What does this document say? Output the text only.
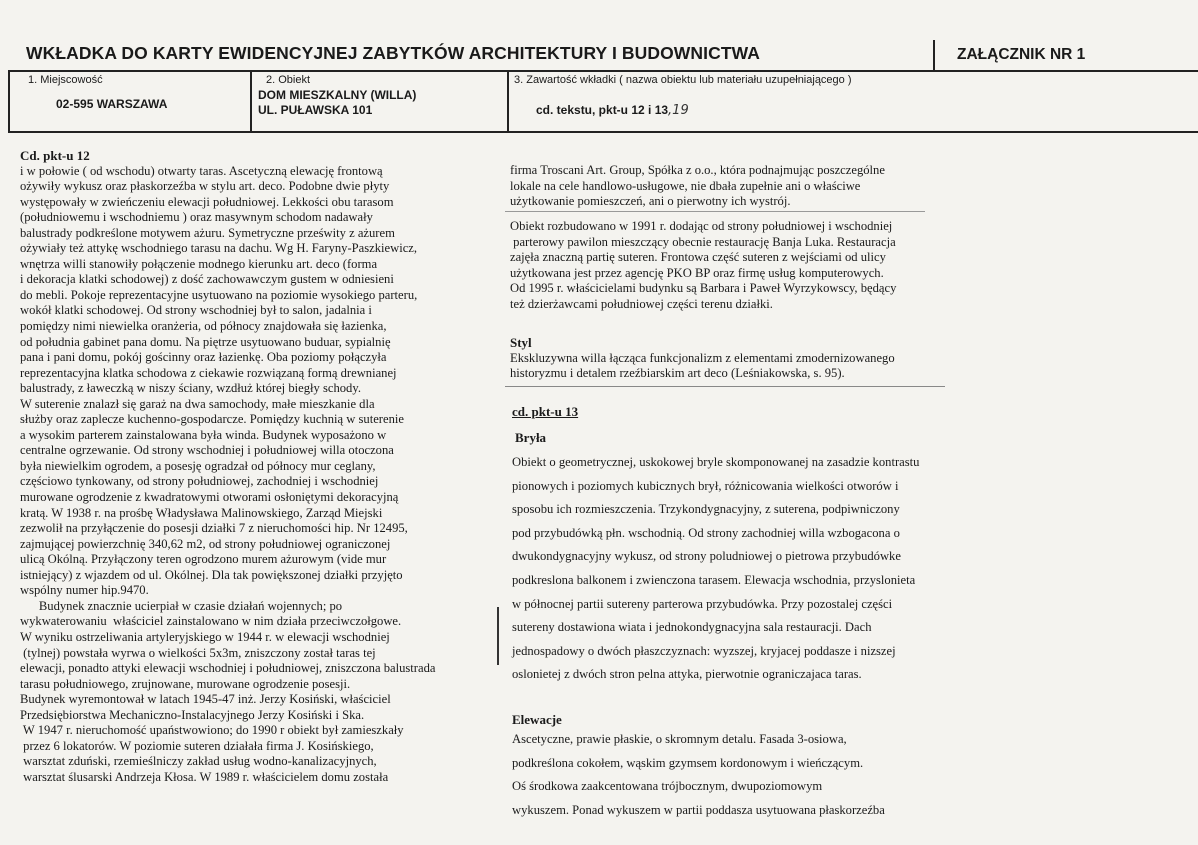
WKŁADKA DO KARTY EWIDENCYJNEJ ZABYTKÓW ARCHITEKTURY I BUDOWNICTWA	ZAŁĄCZNIK NR 1
1. Miejscowość
02-595 WARSZAWA
2. Obiekt
DOM MIESZKALNY (WILLA)
UL. PUŁAWSKA 101
3. Zawartość wkładki ( nazwa obiektu lub materiału uzupełniającego )
cd. tekstu, pkt-u 12 i 13,19
Cd. pkt-u 12
i w połowie ( od wschodu) otwarty taras. Ascetyczną elewację frontową
ożywiły wykusz oraz płaskorzeźba w stylu art. deco. Podobne dwie płyty
występowały w zwieńczeniu elewacji południowej. Lekkości obu tarasom
(południowemu i wschodniemu ) oraz masywnym schodom nadawały
balustrady podkreślone motywem ażuru. Symetryczne prześwity z ażurem
ożywiały też attykę wschodniego tarasu na dachu. Wg H. Faryny-Paszkiewicz,
wnętrza willi stanowiły połączenie modnego kierunku art. deco (forma
i dekoracja klatki schodowej) z dość zachowawczym gustem w odniesieni
do mebli. Pokoje reprezentacyjne usytuowano na poziomie wysokiego parteru,
wokół klatki schodowej. Od strony wschodniej był to salon, jadalnia i
pomiędzy nimi niewielka oranżeria, od północy znajdowała się łazienka,
od południa gabinet pana domu. Na piętrze usytuowano buduar, sypialnię
pana i pani domu, pokój gościnny oraz łazienkę. Oba poziomy połączyła
reprezentacyjna klatka schodowa z ciekawie rozwiązaną formą drewnianej
balustrady, z ławeczką w niszy ściany, wzdłuż której biegły schody.
W suterenie znalazł się garaż na dwa samochody, małe mieszkanie dla
służby oraz zaplecze kuchenno-gospodarcze. Pomiędzy kuchnią w suterenie
a wysokim parterem zainstalowana była winda. Budynek wyposażono w
centralne ogrzewanie. Od strony wschodniej i południowej willa otoczona
była niewielkim ogrodem, a posesję ogradzał od północy mur ceglany,
częściowo tynkowany, od strony południowej, zachodniej i wschodniej
murowane ogrodzenie z kwadratowymi otworami osłoniętymi dekoracyjną
kratą. W 1938 r. na prośbę Władysława Malinowskiego, Zarząd Miejski
zezwolił na przyłączenie do posesji działki 7 z nieruchomości hip. Nr 12495,
zajmującej powierzchnię 340,62 m2, od strony południowej ograniczonej
ulicą Okólną. Przyłączony teren ogrodzono murem ażurowym (vide mur
istniejący) z wjazdem od ul. Okólnej. Dla tak powiększonej działki przyjęto
wspólny numer hip.9470.
Budynek znacznie ucierpiał w czasie działań wojennych; po
wykwaterowaniu  właściciel zainstalowano w nim działa przeciwczołgowe.
W wyniku ostrzeliwania artyleryjskiego w 1944 r. w elewacji wschodniej
(tylnej) powstała wyrwa o wielkości 5x3m, zniszczony został taras tej
elewacji, ponadto attyki elewacji wschodniej i południowej, zniszczona balustrada
tarasu południowego, zrujnowane, murowane ogrodzenie posesji.
Budynek wyremontował w latach 1945-47 inż. Jerzy Kosiński, właściciel
Przedsiębiorstwa Mechaniczno-Instalacyjnego Jerzy Kosiński i Ska.
W 1947 r. nieruchomość upaństwowiono; do 1990 r obiekt był zamieszkały
przez 6 lokatorów. W poziomie suteren działała firma J. Kosińskiego,
warsztat zduński, rzemieślniczy zakład usług wodno-kanalizacyjnych,
warsztat ślusarski Andrzeja Kłosa. W 1989 r. właścicielem domu została
firma Troscani Art. Group, Spółka z o.o., która podnajmując poszczególne
lokale na cele handlowo-usługowe, nie dbała zupełnie ani o właściwe
użytkowanie pomieszczeń, ani o pierwotny ich wystrój.
Obiekt rozbudowano w 1991 r. dodając od strony południowej i wschodniej
parterowy pawilon mieszczący obecnie restaurację Banja Luka. Restauracja
zajęła znaczną partię suteren. Frontowa część suteren z wejściami od ulicy
użytkowana jest przez agencję PKO BP oraz firmę usług komputerowych.
Od 1995 r. właścicielami budynku są Barbara i Paweł Wyrzykowscy, będący
też dzierżawcami południowej części terenu działki.
Styl
Ekskluzywna willa łącząca funkcjonalizm z elementami zmodernizowanego
historyzmu i detalem rzeźbiarskim art deco (Leśniakowska, s. 95).
cd. pkt-u 13
Bryła
Obiekt o geometrycznej, uskokowej bryle skomponowanej na zasadzie kontrastu
pionowych i poziomych kubicznych brył, różnicowania wielkości otworów i
sposobu ich rozmieszczenia. Trzykondygnacyjny, z suterena, podpiwniczony
pod przybudówką płn. wschodnią. Od strony zachodniej willa wzbogacona o
dwukondygnacyjny wykusz, od strony poludniowej o pietrowa przybudówke
podkreslona balkonem i zwienczona tarasem. Elewacja wschodnia, przyslonieta
w północnej partii sutereny parterowa przybudówka. Przy pozostalej części
sutereny dostawiona wiata i jednokondygnacyjna sala restauracji. Dach
jednospadowy o dwóch płaszczyznach: wyzszej, kryjacej poddasze i nizszej
oslonietej z dwóch stron pelna attyka, pierwotnie ograniczajaca taras.
Elewacje
Ascetyczne, prawie płaskie, o skromnym detalu. Fasada 3-osiowa,
podkreślona cokołem, wąskim gzymsem kordonowym i wieńczącym.
Oś środkowa zaakcentowana trójbocznym, dwupoziomowym
wykuszem. Ponad wykuszem w partii poddasza usytuowana płaskorzeźba
